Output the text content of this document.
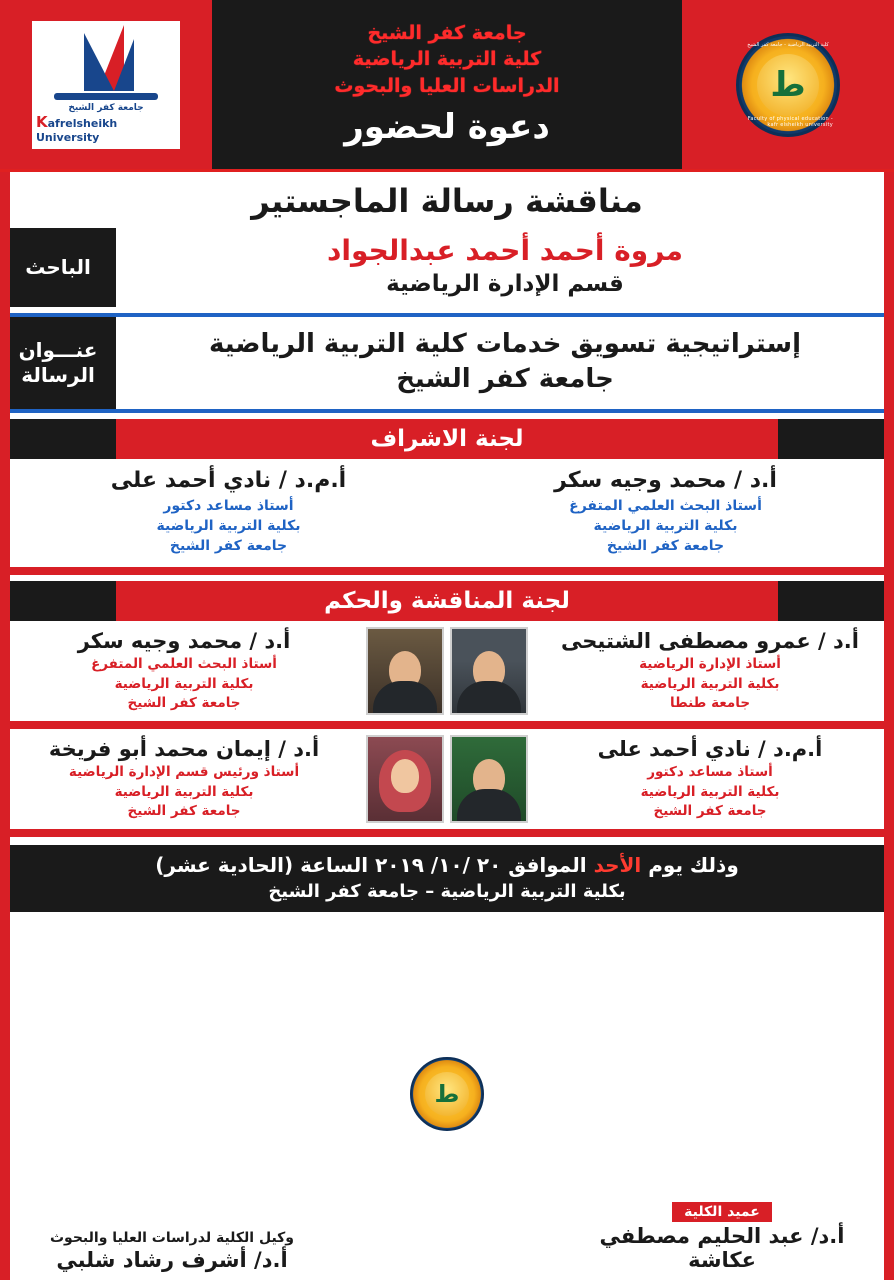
كلية التربية الرياضية - جامعة كفر الشيخ
Faculty of physical education - kafr elsheikh university
ط
جامعة كفر الشيخ
كلية التربية الرياضية
الدراسات العليا والبحوث
دعوة لحضور
جامعة كفر الشيخ
Kafrelsheikh University
مناقشة رسالة الماجستير
مروة أحمد أحمد عبدالجواد
قسم الإدارة الرياضية
الباحث
إستراتيجية تسويق خدمات كلية التربية الرياضية
جامعة كفر الشيخ
عنـــوان
الرسالة
لجنة الاشراف
أ.د / محمد وجيه سكر
أستاذ البحث العلمي المتفرغ
بكلية التربية الرياضية
جامعة كفر الشيخ
أ.م.د / نادي أحمد على
أستاذ مساعد دكتور
بكلية التربية الرياضية
جامعة كفر الشيخ
لجنة المناقشة والحكم
أ.د / عمرو مصطفى الشتيحى
أستاذ الإدارة الرياضية
بكلية التربية الرياضية
جامعة طنطا
أ.د / محمد وجيه سكر
أستاذ البحث العلمي المتفرغ
بكلية التربية الرياضية
جامعة كفر الشيخ
أ.م.د / نادي أحمد على
أستاذ مساعد دكتور
بكلية التربية الرياضية
جامعة كفر الشيخ
أ.د / إيمان محمد أبو فريخة
أستاذ ورئيس قسم الإدارة الرياضية
بكلية التربية الرياضية
جامعة كفر الشيخ
وذلك يوم الأحد الموافق ٢٠ /١٠/ ٢٠١٩ الساعة (الحادية عشر)
بكلية التربية الرياضية – جامعة كفر الشيخ
عميد الكلية
أ.د/ عبد الحليم مصطفي عكاشة
ط
وكيل الكلية لدراسات العليا والبحوث
أ.د/ أشرف رشاد شلبي
